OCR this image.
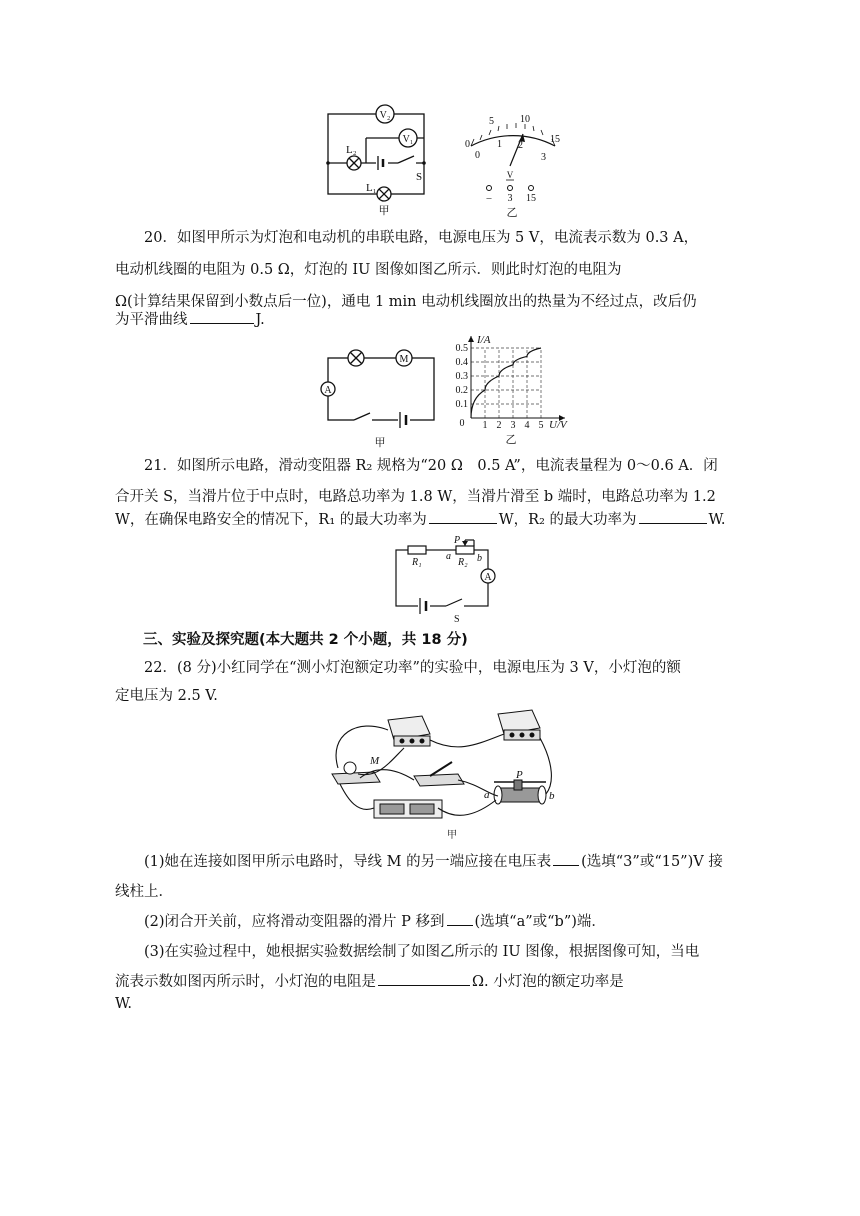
V₂
V₁
L₂
L₁
S
甲
0
5	10
15
0
1 2
3
V
– 3 15
乙

20．如图甲所示为灯泡和电动机的串联电路，电源电压为 5 V，电流表示数为 0.3 A，

电动机线圈的电阻为 0.5 Ω，灯泡的 IU 图像如图乙所示．则此时灯泡的电阻为

Ω(计算结果保留到小数点后一位)，通电 1 min 电动机线圈放出的热量为不经过点，改后仍

为平滑曲线	J.

M
A
甲
I/A
U/V
0 1 2 3 4 5
0.5
0.4
0.3
0.2
0.1
乙

21．如图所示电路，滑动变阻器 R₂ 规格为“20 Ω　0.5 A”，电流表量程为 0～0.6 A．闭

合开关 S，当滑片位于中点时，电路总功率为 1.8 W，当滑片滑至 b 端时，电路总功率为 1.2

W，在确保电路安全的情况下，R₁ 的最大功率为	W，R₂ 的最大功率为	W.

R₁	R₂
P
a	b
A
S
三、实验及探究题(本大题共 2 个小题，共 18 分)

22．(8 分)小红同学在“测小灯泡额定功率”的实验中，电源电压为 3 V，小灯泡的额

定电压为 2.5 V.

M
P
a	b
甲

(1)她在连接如图甲所示电路时，导线 M 的另一端应接在电压表 (选填“3”或“15”)V 接

线柱上．

(2)闭合开关前，应将滑动变阻器的滑片 P 移到 (选填“a”或“b”)端．

(3)在实验过程中，她根据实验数据绘制了如图乙所示的 IU 图像，根据图像可知，当电

流表示数如图丙所示时，小灯泡的电阻是	Ω. 小灯泡的额定功率是

W.
